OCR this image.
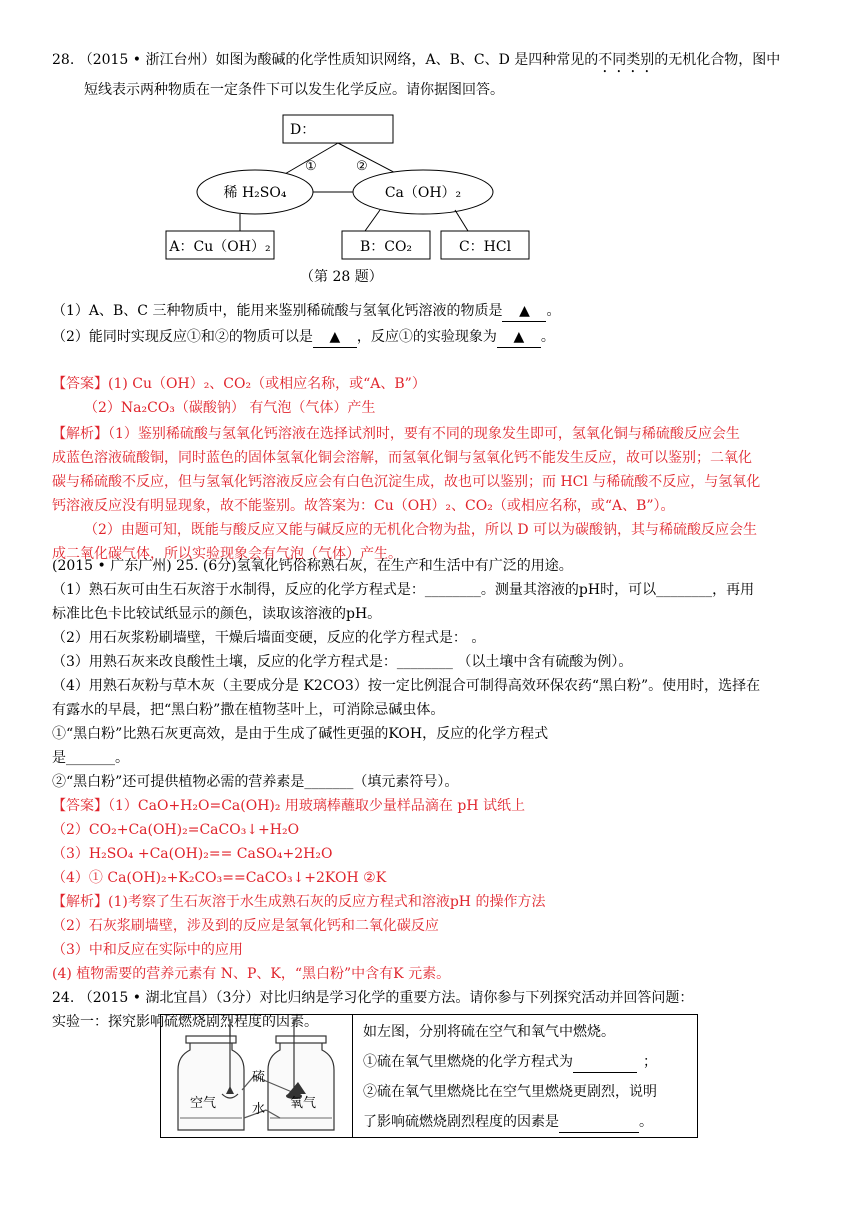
28. （2015 • 浙江台州）如图为酸碱的化学性质知识网络，A、B、C、D 是四种常见的不同类别的无机化合物，图中
短线表示两种物质在一定条件下可以发生化学反应。请你据图回答。
D：
①	②
稀 H₂SO₄	Ca（OH）₂
A：Cu（OH）₂	B：CO₂	C：HCl
（第 28 题）
（1）A、B、C 三种物质中，能用来鉴别稀硫酸与氢氧化钙溶液的物质是 ▲ 。
（2）能同时实现反应①和②的物质可以是 ▲ ，反应①的实验现象为 ▲ 。
【答案】(1) Cu（OH）₂、CO₂（或相应名称，或“A、B”）
（2）Na₂CO₃（碳酸钠） 有气泡（气体）产生
【解析】（1）鉴别稀硫酸与氢氧化钙溶液在选择试剂时，要有不同的现象发生即可，氢氧化铜与稀硫酸反应会生
成蓝色溶液硫酸铜，同时蓝色的固体氢氧化铜会溶解，而氢氧化铜与氢氧化钙不能发生反应，故可以鉴别；二氧化
碳与稀硫酸不反应，但与氢氧化钙溶液反应会有白色沉淀生成，故也可以鉴别；而 HCl 与稀硫酸不反应，与氢氧化
钙溶液反应没有明显现象，故不能鉴别。故答案为：Cu（OH）₂、CO₂（或相应名称，或“A、B”）。
（2）由题可知，既能与酸反应又能与碱反应的无机化合物为盐，所以 D 可以为碳酸钠，其与稀硫酸反应会生
成二氧化碳气体，所以实验现象会有气泡（气体）产生。
(2015 • 广东广州) 25. (6分)氢氧化钙俗称熟石灰，在生产和生活中有广泛的用途。
（1）熟石灰可由生石灰溶于水制得，反应的化学方程式是：________。测量其溶液的pH时，可以________，再用
标准比色卡比较试纸显示的颜色，读取该溶液的pH。
（2）用石灰浆粉刷墙壁，干燥后墙面变硬，反应的化学方程式是： 。
（3）用熟石灰来改良酸性土壤，反应的化学方程式是：________ （以土壤中含有硫酸为例）。
（4）用熟石灰粉与草木灰（主要成分是 K2CO3）按一定比例混合可制得高效环保农药“黑白粉”。使用时，选择在
有露水的早晨，把“黑白粉”撒在植物茎叶上，可消除忌碱虫体。
①“黑白粉”比熟石灰更高效，是由于生成了碱性更强的KOH，反应的化学方程式
是_______。
②“黑白粉”还可提供植物必需的营养素是_______（填元素符号）。
【答案】（1）CaO+H₂O=Ca(OH)₂ 用玻璃棒蘸取少量样品滴在 pH 试纸上
（2）CO₂+Ca(OH)₂=CaCO₃↓+H₂O
（3）H₂SO₄ +Ca(OH)₂== CaSO₄+2H₂O
（4）① Ca(OH)₂+K₂CO₃==CaCO₃↓+2KOH ②K
【解析】(1)考察了生石灰溶于水生成熟石灰的反应方程式和溶液pH 的操作方法
（2）石灰浆刷墙壁，涉及到的反应是氢氧化钙和二氧化碳反应
（3）中和反应在实际中的应用
(4) 植物需要的营养元素有 N、P、K，“黑白粉”中含有K 元素。
24. （2015 • 湖北宜昌）（3分）对比归纳是学习化学的重要方法。请你参与下列探究活动并回答问题：
实验一：探究影响硫燃烧剧烈程度的因素。
硫
空气	氧气
水
如左图，分别将硫在空气和氧气中燃烧。
①硫在氧气里燃烧的化学方程式为	；
②硫在氧气里燃烧比在空气里燃烧更剧烈，说明
了影响硫燃烧剧烈程度的因素是	。
